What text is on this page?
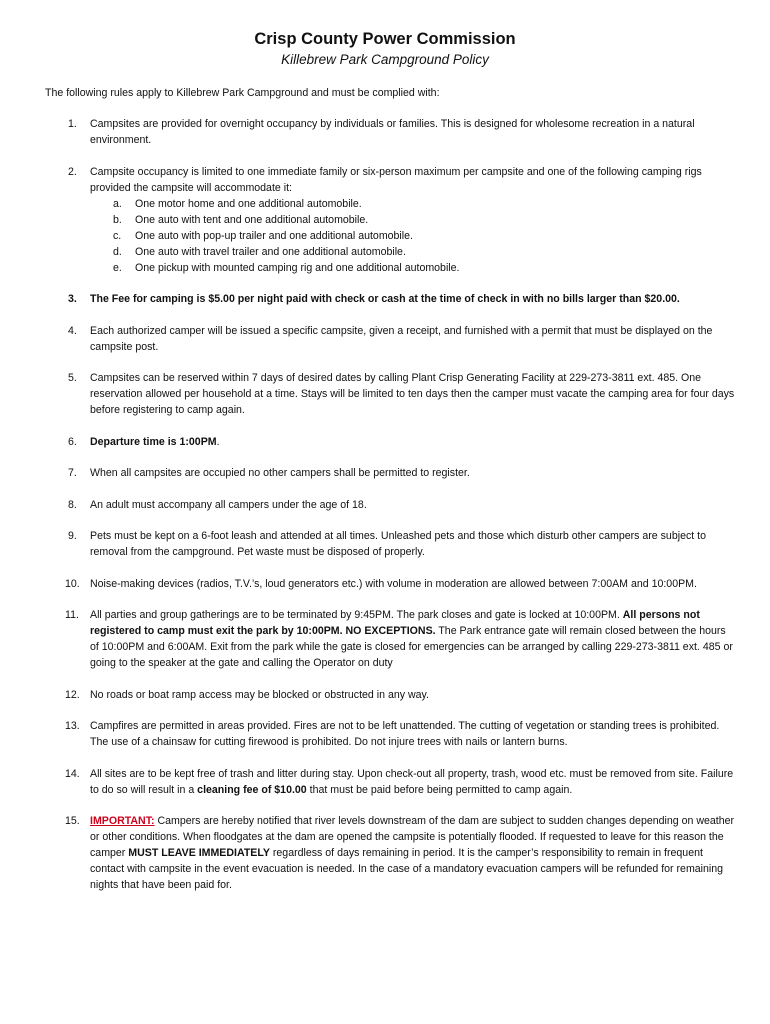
Crisp County Power Commission
Killebrew Park Campground Policy
The following rules apply to Killebrew Park Campground and must be complied with:
1. Campsites are provided for overnight occupancy by individuals or families. This is designed for wholesome recreation in a natural environment.
2. Campsite occupancy is limited to one immediate family or six-person maximum per campsite and one of the following camping rigs provided the campsite will accommodate it:
a. One motor home and one additional automobile.
b. One auto with tent and one additional automobile.
c. One auto with pop-up trailer and one additional automobile.
d. One auto with travel trailer and one additional automobile.
e. One pickup with mounted camping rig and one additional automobile.
3. The Fee for camping is $5.00 per night paid with check or cash at the time of check in with no bills larger than $20.00.
4. Each authorized camper will be issued a specific campsite, given a receipt, and furnished with a permit that must be displayed on the campsite post.
5. Campsites can be reserved within 7 days of desired dates by calling Plant Crisp Generating Facility at 229-273-3811 ext. 485. One reservation allowed per household at a time. Stays will be limited to ten days then the camper must vacate the camping area for four days before registering to camp again.
6. Departure time is 1:00PM.
7. When all campsites are occupied no other campers shall be permitted to register.
8. An adult must accompany all campers under the age of 18.
9. Pets must be kept on a 6-foot leash and attended at all times. Unleashed pets and those which disturb other campers are subject to removal from the campground. Pet waste must be disposed of properly.
10. Noise-making devices (radios, T.V.’s, loud generators etc.) with volume in moderation are allowed between 7:00AM and 10:00PM.
11. All parties and group gatherings are to be terminated by 9:45PM. The park closes and gate is locked at 10:00PM. All persons not registered to camp must exit the park by 10:00PM. NO EXCEPTIONS. The Park entrance gate will remain closed between the hours of 10:00PM and 6:00AM. Exit from the park while the gate is closed for emergencies can be arranged by calling 229-273-3811 ext. 485 or going to the speaker at the gate and calling the Operator on duty
12. No roads or boat ramp access may be blocked or obstructed in any way.
13. Campfires are permitted in areas provided. Fires are not to be left unattended. The cutting of vegetation or standing trees is prohibited. The use of a chainsaw for cutting firewood is prohibited. Do not injure trees with nails or lantern burns.
14. All sites are to be kept free of trash and litter during stay. Upon check-out all property, trash, wood etc. must be removed from site. Failure to do so will result in a cleaning fee of $10.00 that must be paid before being permitted to camp again.
15. IMPORTANT: Campers are hereby notified that river levels downstream of the dam are subject to sudden changes depending on weather or other conditions. When floodgates at the dam are opened the campsite is potentially flooded. If requested to leave for this reason the camper MUST LEAVE IMMEDIATELY regardless of days remaining in period. It is the camper’s responsibility to remain in frequent contact with campsite in the event evacuation is needed. In the case of a mandatory evacuation campers will be refunded for remaining nights that have been paid for.
